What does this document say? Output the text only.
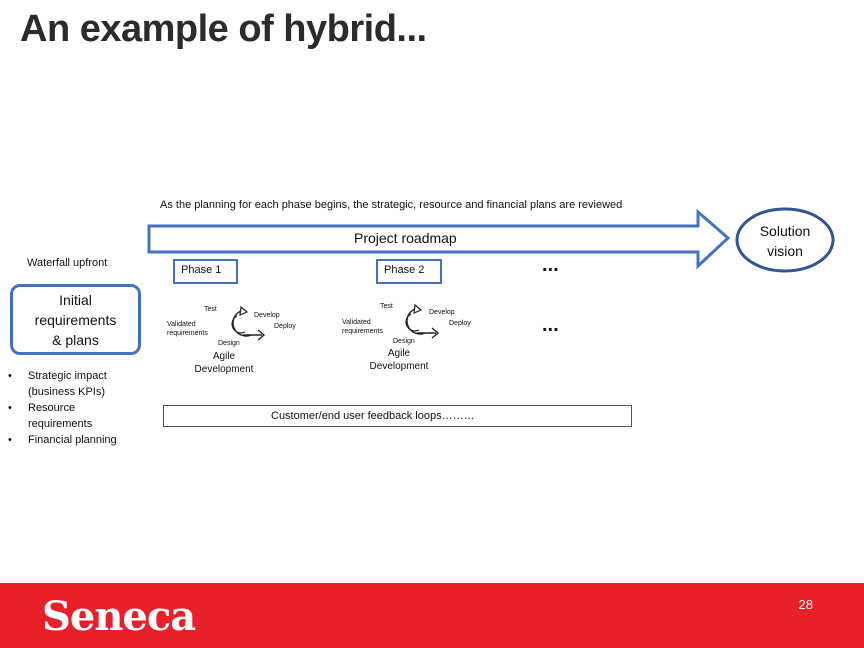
An example of hybrid...
As the planning for each phase begins, the strategic, resource and financial plans are reviewed
Project roadmap	Solution
vision
Waterfall upfront
Initial
requirements
& plans
• Strategic impact
(business KPIs)
• Resource
requirements
• Financial planning
Phase 1
Test
Develop
Deploy
Design
Validated
requirements
Agile
Development
Phase 2
Test
Develop
Deploy
Design
Validated
requirements
Agile
Development
...
...
Customer/end user feedback loops………
Seneca	28
